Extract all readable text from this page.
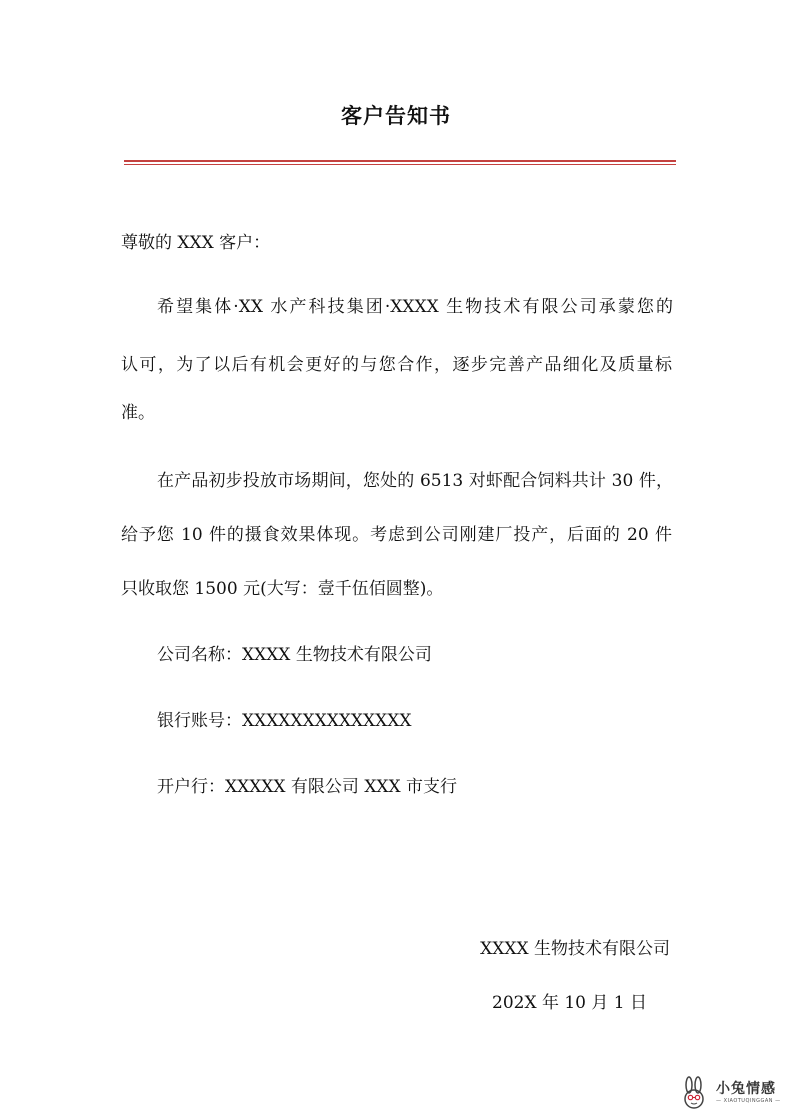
客户告知书
尊敬的 XXX 客户：
希望集体·XX 水产科技集团·XXXX 生物技术有限公司承蒙您的
认可，为了以后有机会更好的与您合作，逐步完善产品细化及质量标
准。
在产品初步投放市场期间，您处的 6513 对虾配合饲料共计 30 件，
给予您 10 件的摄食效果体现。考虑到公司刚建厂投产，后面的 20 件
只收取您 1500 元(大写：壹千伍佰圆整)。
公司名称：XXXX 生物技术有限公司
银行账号：XXXXXXXXXXXXXX
开户行：XXXXX 有限公司 XXX 市支行
XXXX 生物技术有限公司
202X 年 10 月 1 日
小兔情感
— XIAOTUQINGGAN —
